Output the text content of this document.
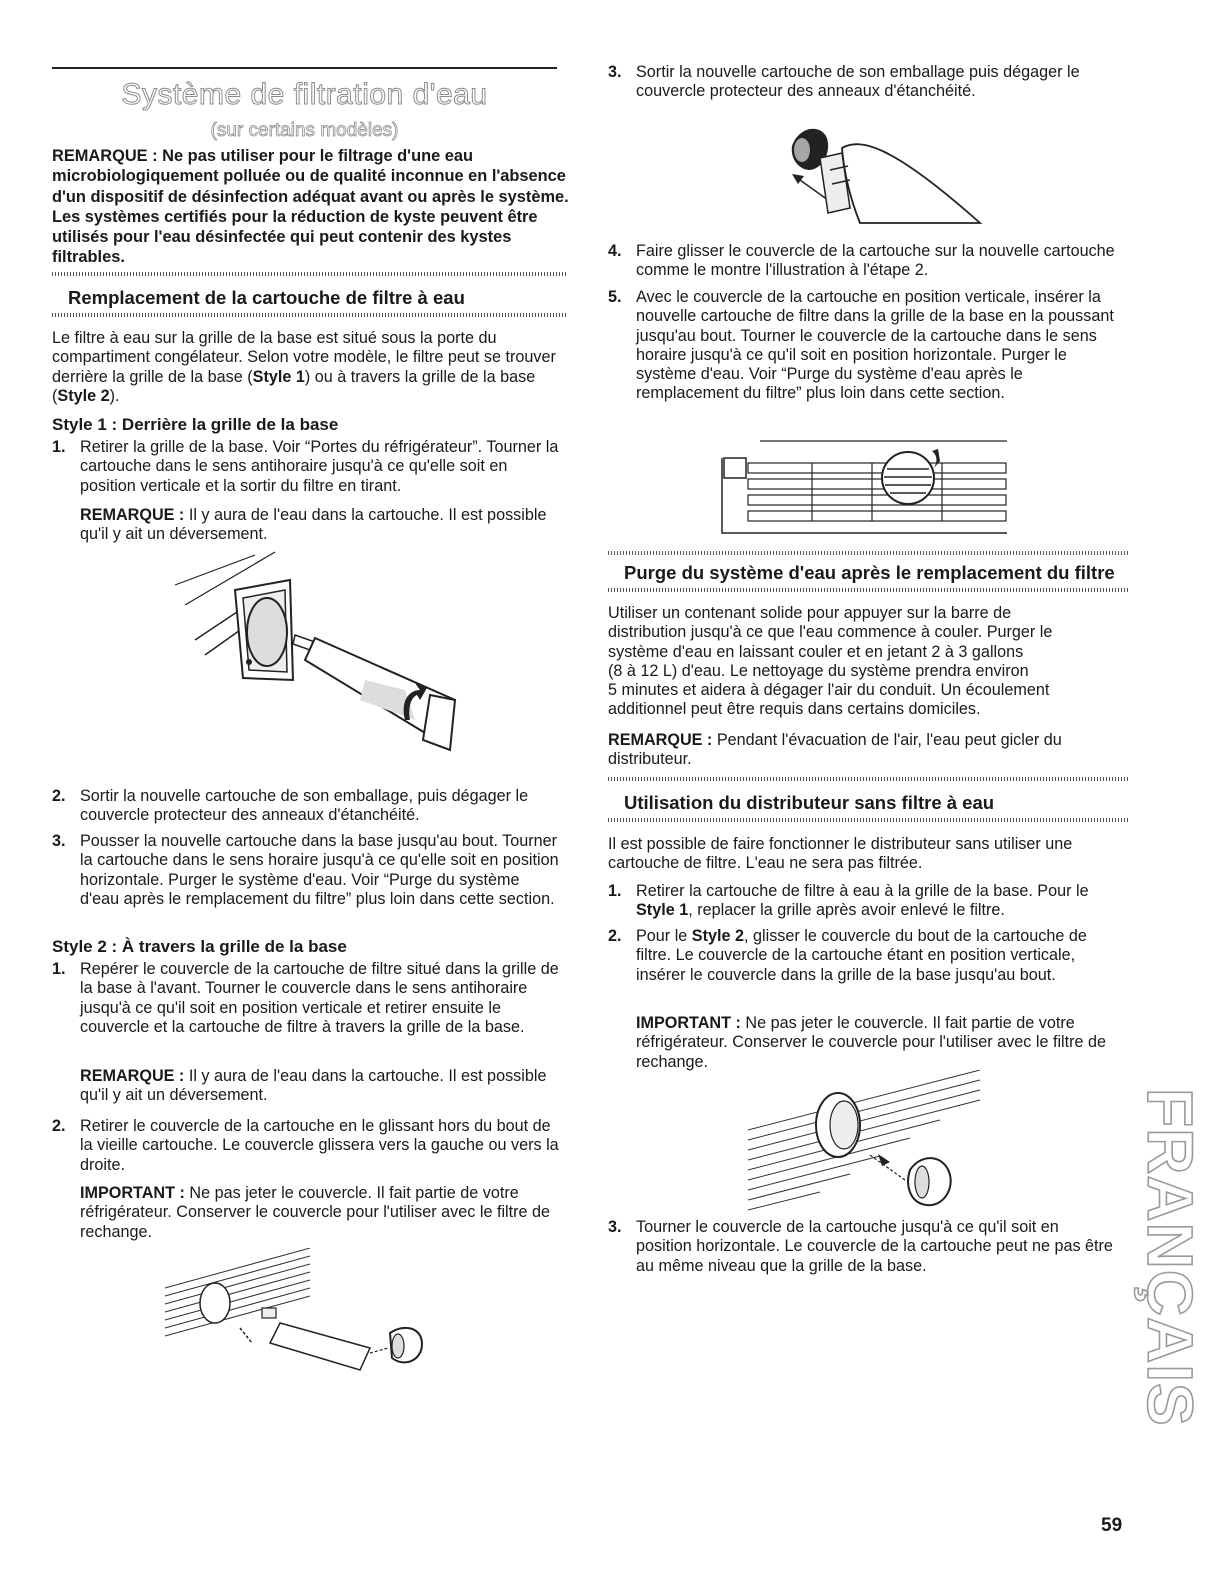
Système de filtration d'eau
(sur certains modèles)
REMARQUE : Ne pas utiliser pour le filtrage d'une eau microbiologiquement polluée ou de qualité inconnue en l'absence d'un dispositif de désinfection adéquat avant ou après le système. Les systèmes certifiés pour la réduction de kyste peuvent être utilisés pour l'eau désinfectée qui peut contenir des kystes filtrables.
Remplacement de la cartouche de filtre à eau

Le filtre à eau sur la grille de la base est situé sous la porte du compartiment congélateur. Selon votre modèle, le filtre peut se trouver derrière la grille de la base (Style 1) ou à travers la grille de la base (Style 2).

Style 1 : Derrière la grille de la base
1. Retirer la grille de la base. Voir “Portes du réfrigérateur”. Tourner la cartouche dans le sens antihoraire jusqu'à ce qu'elle soit en position verticale et la sortir du filtre en tirant.

REMARQUE : Il y aura de l'eau dans la cartouche. Il est possible qu'il y ait un déversement.

2. Sortir la nouvelle cartouche de son emballage, puis dégager le couvercle protecteur des anneaux d'étanchéité.
3. Pousser la nouvelle cartouche dans la base jusqu'au bout. Tourner la cartouche dans le sens horaire jusqu'à ce qu'elle soit en position horizontale. Purger le système d'eau. Voir “Purge du système d'eau après le remplacement du filtre” plus loin dans cette section.
Style 2 : À travers la grille de la base
1. Repérer le couvercle de la cartouche de filtre situé dans la grille de la base à l'avant. Tourner le couvercle dans le sens antihoraire jusqu'à ce qu'il soit en position verticale et retirer ensuite le couvercle et la cartouche de filtre à travers la grille de la base.

REMARQUE : Il y aura de l'eau dans la cartouche. Il est possible qu'il y ait un déversement.

2. Retirer le couvercle de la cartouche en le glissant hors du bout de la vieille cartouche. Le couvercle glissera vers la gauche ou vers la droite.

IMPORTANT : Ne pas jeter le couvercle. Il fait partie de votre réfrigérateur. Conserver le couvercle pour l'utiliser avec le filtre de rechange.

3. Sortir la nouvelle cartouche de son emballage puis dégager le couvercle protecteur des anneaux d'étanchéité.
4. Faire glisser le couvercle de la cartouche sur la nouvelle cartouche comme le montre l'illustration à l'étape 2.
5. Avec le couvercle de la cartouche en position verticale, insérer la nouvelle cartouche de filtre dans la grille de la base en la poussant jusqu'au bout. Tourner le couvercle de la cartouche dans le sens horaire jusqu'à ce qu'il soit en position horizontale. Purger le système d'eau. Voir “Purge du système d'eau après le remplacement du filtre” plus loin dans cette section.
Purge du système d'eau après le remplacement du filtre
Utiliser un contenant solide pour appuyer sur la barre de
distribution jusqu'à ce que l'eau commence à couler. Purger le
système d'eau en laissant couler et en jetant 2 à 3 gallons
(8 à 12 L) d'eau. Le nettoyage du système prendra environ
5 minutes et aidera à dégager l'air du conduit. Un écoulement
additionnel peut être requis dans certains domiciles.

REMARQUE : Pendant l'évacuation de l'air, l'eau peut gicler du distributeur.

Utilisation du distributeur sans filtre à eau

Il est possible de faire fonctionner le distributeur sans utiliser une cartouche de filtre. L'eau ne sera pas filtrée.

1. Retirer la cartouche de filtre à eau à la grille de la base. Pour le Style 1, replacer la grille après avoir enlevé le filtre.
2. Pour le Style 2, glisser le couvercle du bout de la cartouche de filtre. Le couvercle de la cartouche étant en position verticale, insérer le couvercle dans la grille de la base jusqu'au bout.

IMPORTANT : Ne pas jeter le couvercle. Il fait partie de votre réfrigérateur. Conserver le couvercle pour l'utiliser avec le filtre de rechange.

3. Tourner le couvercle de la cartouche jusqu'à ce qu'il soit en position horizontale. Le couvercle de la cartouche peut ne pas être au même niveau que la grille de la base.	FRANÇAIS
59
